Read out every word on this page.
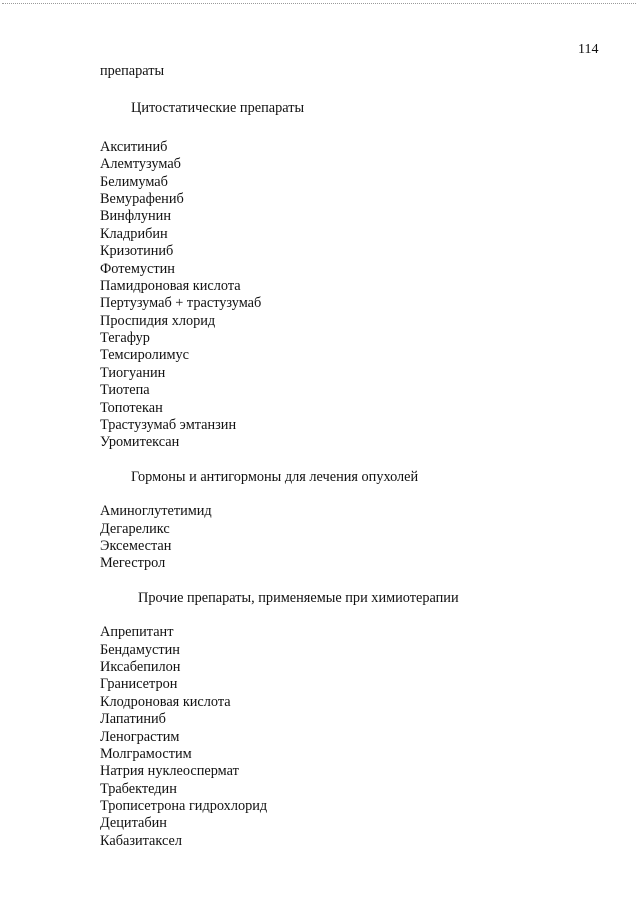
114
препараты
Цитостатические препараты
Акситиниб
Алемтузумаб
Белимумаб
Вемурафениб
Винфлунин
Кладрибин
Кризотиниб
Фотемустин
Памидроновая кислота
Пертузумаб + трастузумаб
Проспидия хлорид
Тегафур
Темсиролимус
Тиогуанин
Тиотепа
Топотекан
Трастузумаб эмтанзин
Уромитексан
Гормоны и антигормоны для лечения опухолей
Аминоглутетимид
Дегареликс
Эксеместан
Мегестрол
Прочие препараты, применяемые при химиотерапии
Апрепитант
Бендамустин
Иксабепилон
Гранисетрон
Клодроновая кислота
Лапатиниб
Ленограстим
Молграмостим
Натрия нуклеоспермат
Трабектедин
Трописетрона гидрохлорид
Децитабин
Кабазитаксел
